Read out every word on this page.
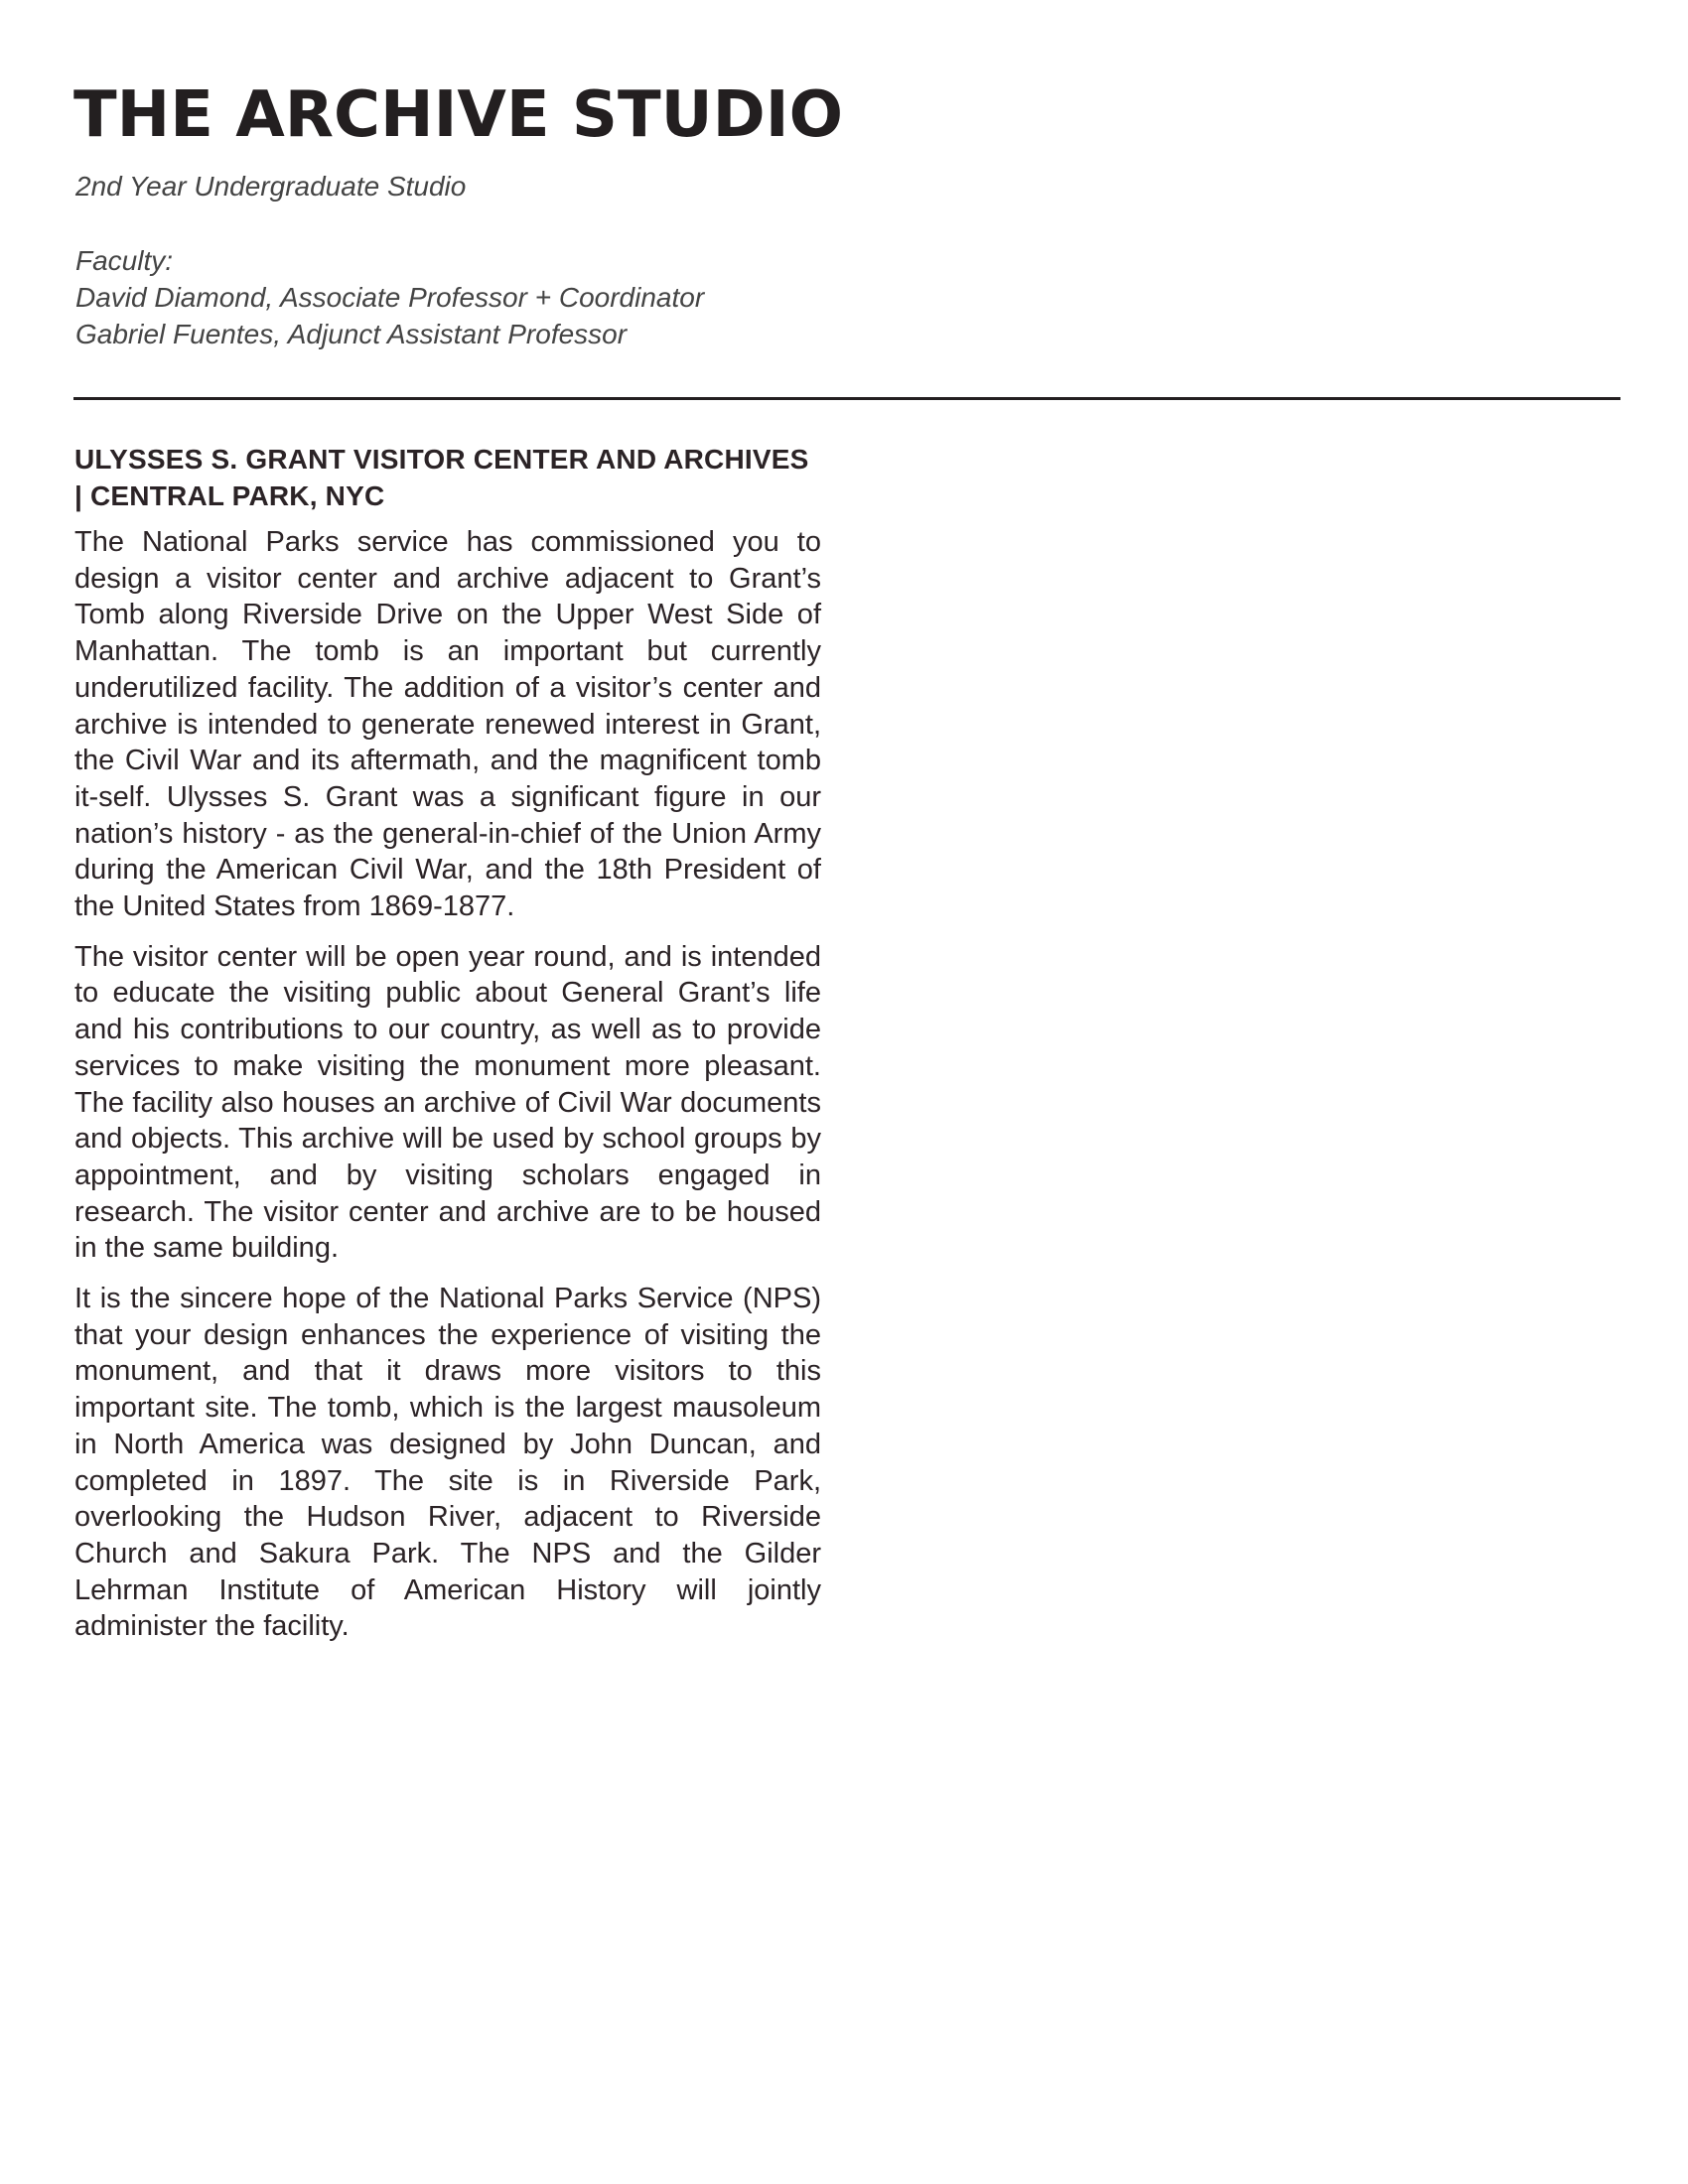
THE ARCHIVE STUDIO

2nd Year Undergraduate Studio

Faculty:
David Diamond, Associate Professor + Coordinator
Gabriel Fuentes, Adjunct Assistant Professor
ULYSSES S. GRANT VISITOR CENTER AND ARCHIVES | CENTRAL PARK, NYC

The National Parks service has commissioned you to design a visitor center and archive adjacent to Grant’s Tomb along Riverside Drive on the Upper West Side of Manhattan. The tomb is an important but currently underutilized facility. The addition of a visitor’s center and archive is intended to generate renewed interest in Grant, the Civil War and its aftermath, and the magnificent tomb it-self. Ulysses S. Grant was a significant figure in our nation’s history - as the general-in-chief of the Union Army during the American Civil War, and the 18th President of the United States from 1869-1877.

The visitor center will be open year round, and is intended to educate the visiting public about General Grant’s life and his contributions to our country, as well as to provide services to make visiting the monument more pleasant. The facility also houses an archive of Civil War documents and objects. This archive will be used by school groups by appointment, and by visiting scholars engaged in research. The visitor center and archive are to be housed in the same building.

It is the sincere hope of the National Parks Service (NPS) that your design enhances the experience of visiting the monument, and that it draws more visitors to this important site. The tomb, which is the largest mausoleum in North America was designed by John Duncan, and completed in 1897. The site is in Riverside Park, overlooking the Hudson River, adjacent to Riverside Church and Sakura Park. The NPS and the Gilder Lehrman Institute of American History will jointly administer the facility.
